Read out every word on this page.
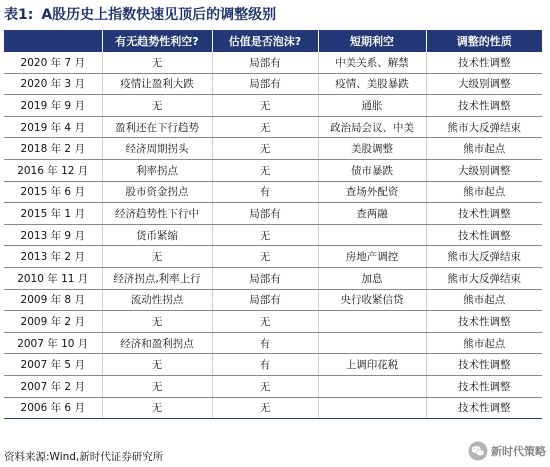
表1: A股历史上指数快速见顶后的调整级别
	有无趋势性利空?	估值是否泡沫?	短期利空	调整的性质
2020 年 7 月	无	局部有	中美关系、解禁	技术性调整
2020 年 3 月	疫情让盈利大跌	局部有	疫情、美股暴跌	大级别调整
2019 年 9 月	无	无	通胀	技术性调整
2019 年 4 月	盈利还在下行趋势	无	政治局会议、中美	熊市大反弹结束
2018 年 2 月	经济周期拐头	无	美股调整	熊市起点
2016 年 12 月	利率拐点	无	债市暴跌	大级别调整
2015 年 6 月	股市资金拐点	有	查场外配资	熊市起点
2015 年 1 月	经济趋势性下行中	局部有	查两融	技术性调整
2013 年 9 月	货币紧缩	无		技术性调整
2013 年 2 月	无	无	房地产调控	熊市大反弹结束
2010 年 11 月	经济拐点,利率上行	局部有	加息	熊市大反弹结束
2009 年 8 月	流动性拐点	局部有	央行收紧信贷	熊市起点
2009 年 2 月	无	无		技术性调整
2007 年 10 月	经济和盈利拐点	有		熊市起点
2007 年 5 月	无	有	上调印花税	技术性调整
2007 年 2 月	无	无		技术性调整
2006 年 6 月	无	无		技术性调整
资料来源:Wind,新时代证券研究所	新时代策略
